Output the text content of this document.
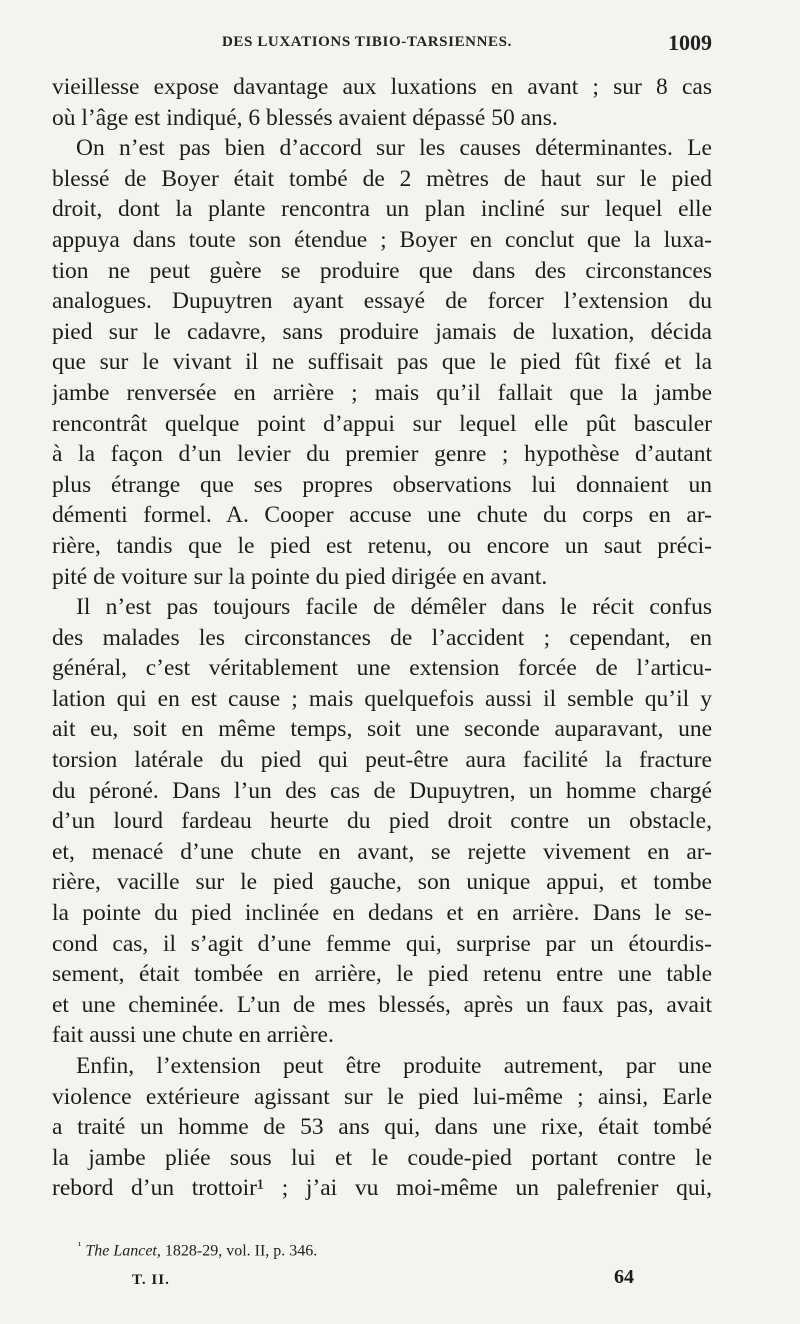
DES LUXATIONS TIBIO-TARSIENNES.	1009
vieillesse expose davantage aux luxations en avant ; sur 8 cas
où l’âge est indiqué, 6 blessés avaient dépassé 50 ans.
On n’est pas bien d’accord sur les causes déterminantes. Le
blessé de Boyer était tombé de 2 mètres de haut sur le pied
droit, dont la plante rencontra un plan incliné sur lequel elle
appuya dans toute son étendue ; Boyer en conclut que la luxa-
tion ne peut guère se produire que dans des circonstances
analogues. Dupuytren ayant essayé de forcer l’extension du
pied sur le cadavre, sans produire jamais de luxation, décida
que sur le vivant il ne suffisait pas que le pied fût fixé et la
jambe renversée en arrière ; mais qu’il fallait que la jambe
rencontrât quelque point d’appui sur lequel elle pût basculer
à la façon d’un levier du premier genre ; hypothèse d’autant
plus étrange que ses propres observations lui donnaient un
démenti formel. A. Cooper accuse une chute du corps en ar-
rière, tandis que le pied est retenu, ou encore un saut préci-
pité de voiture sur la pointe du pied dirigée en avant.
Il n’est pas toujours facile de démêler dans le récit confus
des malades les circonstances de l’accident ; cependant, en
général, c’est véritablement une extension forcée de l’articu-
lation qui en est cause ; mais quelquefois aussi il semble qu’il y
ait eu, soit en même temps, soit une seconde auparavant, une
torsion latérale du pied qui peut-être aura facilité la fracture
du péroné. Dans l’un des cas de Dupuytren, un homme chargé
d’un lourd fardeau heurte du pied droit contre un obstacle,
et, menacé d’une chute en avant, se rejette vivement en ar-
rière, vacille sur le pied gauche, son unique appui, et tombe
la pointe du pied inclinée en dedans et en arrière. Dans le se-
cond cas, il s’agit d’une femme qui, surprise par un étourdis-
sement, était tombée en arrière, le pied retenu entre une table
et une cheminée. L’un de mes blessés, après un faux pas, avait
fait aussi une chute en arrière.
Enfin, l’extension peut être produite autrement, par une
violence extérieure agissant sur le pied lui-même ; ainsi, Earle
a traité un homme de 53 ans qui, dans une rixe, était tombé
la jambe pliée sous lui et le coude-pied portant contre le
rebord d’un trottoir¹ ; j’ai vu moi-même un palefrenier qui,
$^{^1}$ The Lancet, 1828-29, vol. II, p. 346.
T. II.	64
